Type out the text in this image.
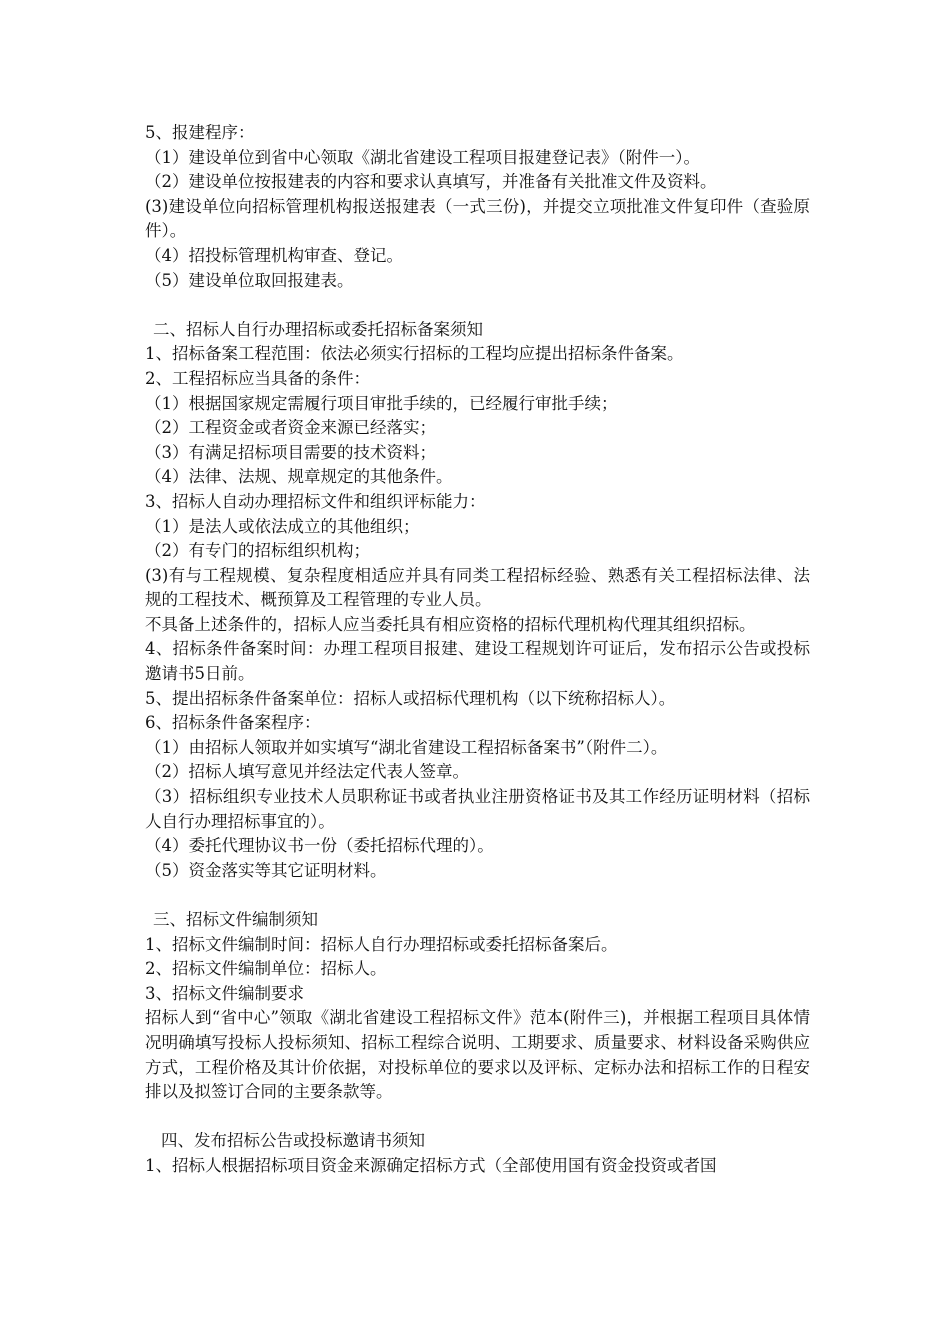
5、报建程序：
（1）建设单位到省中心领取《湖北省建设工程项目报建登记表》（附件一）。
（2）建设单位按报建表的内容和要求认真填写，并准备有关批准文件及资料。
(3)建设单位向招标管理机构报送报建表（一式三份)，并提交立项批准文件复印件（查验原件）。
（4）招投标管理机构审查、登记。
（5）建设单位取回报建表。
二、招标人自行办理招标或委托招标备案须知
1、招标备案工程范围：依法必须实行招标的工程均应提出招标条件备案。
2、工程招标应当具备的条件：
（1）根据国家规定需履行项目审批手续的，已经履行审批手续；
（2）工程资金或者资金来源已经落实；
（3）有满足招标项目需要的技术资料；
（4）法律、法规、规章规定的其他条件。
3、招标人自动办理招标文件和组织评标能力：
（1）是法人或依法成立的其他组织；
（2）有专门的招标组织机构；
(3)有与工程规模、复杂程度相适应并具有同类工程招标经验、熟悉有关工程招标法律、法规的工程技术、概预算及工程管理的专业人员。
不具备上述条件的，招标人应当委托具有相应资格的招标代理机构代理其组织招标。
4、招标条件备案时间：办理工程项目报建、建设工程规划许可证后，发布招示公告或投标邀请书5日前。
5、提出招标条件备案单位：招标人或招标代理机构（以下统称招标人）。
6、招标条件备案程序：
（1）由招标人领取并如实填写“湖北省建设工程招标备案书”（附件二）。
（2）招标人填写意见并经法定代表人签章。
（3）招标组织专业技术人员职称证书或者执业注册资格证书及其工作经历证明材料（招标人自行办理招标事宜的）。
（4）委托代理协议书一份（委托招标代理的）。
（5）资金落实等其它证明材料。
三、招标文件编制须知
1、招标文件编制时间：招标人自行办理招标或委托招标备案后。
2、招标文件编制单位：招标人。
3、招标文件编制要求
招标人到“省中心”领取《湖北省建设工程招标文件》范本(附件三)，并根据工程项目具体情况明确填写投标人投标须知、招标工程综合说明、工期要求、质量要求、材料设备采购供应方式，工程价格及其计价依据，对投标单位的要求以及评标、定标办法和招标工作的日程安排以及拟签订合同的主要条款等。
四、发布招标公告或投标邀请书须知
1、招标人根据招标项目资金来源确定招标方式（全部使用国有资金投资或者国
